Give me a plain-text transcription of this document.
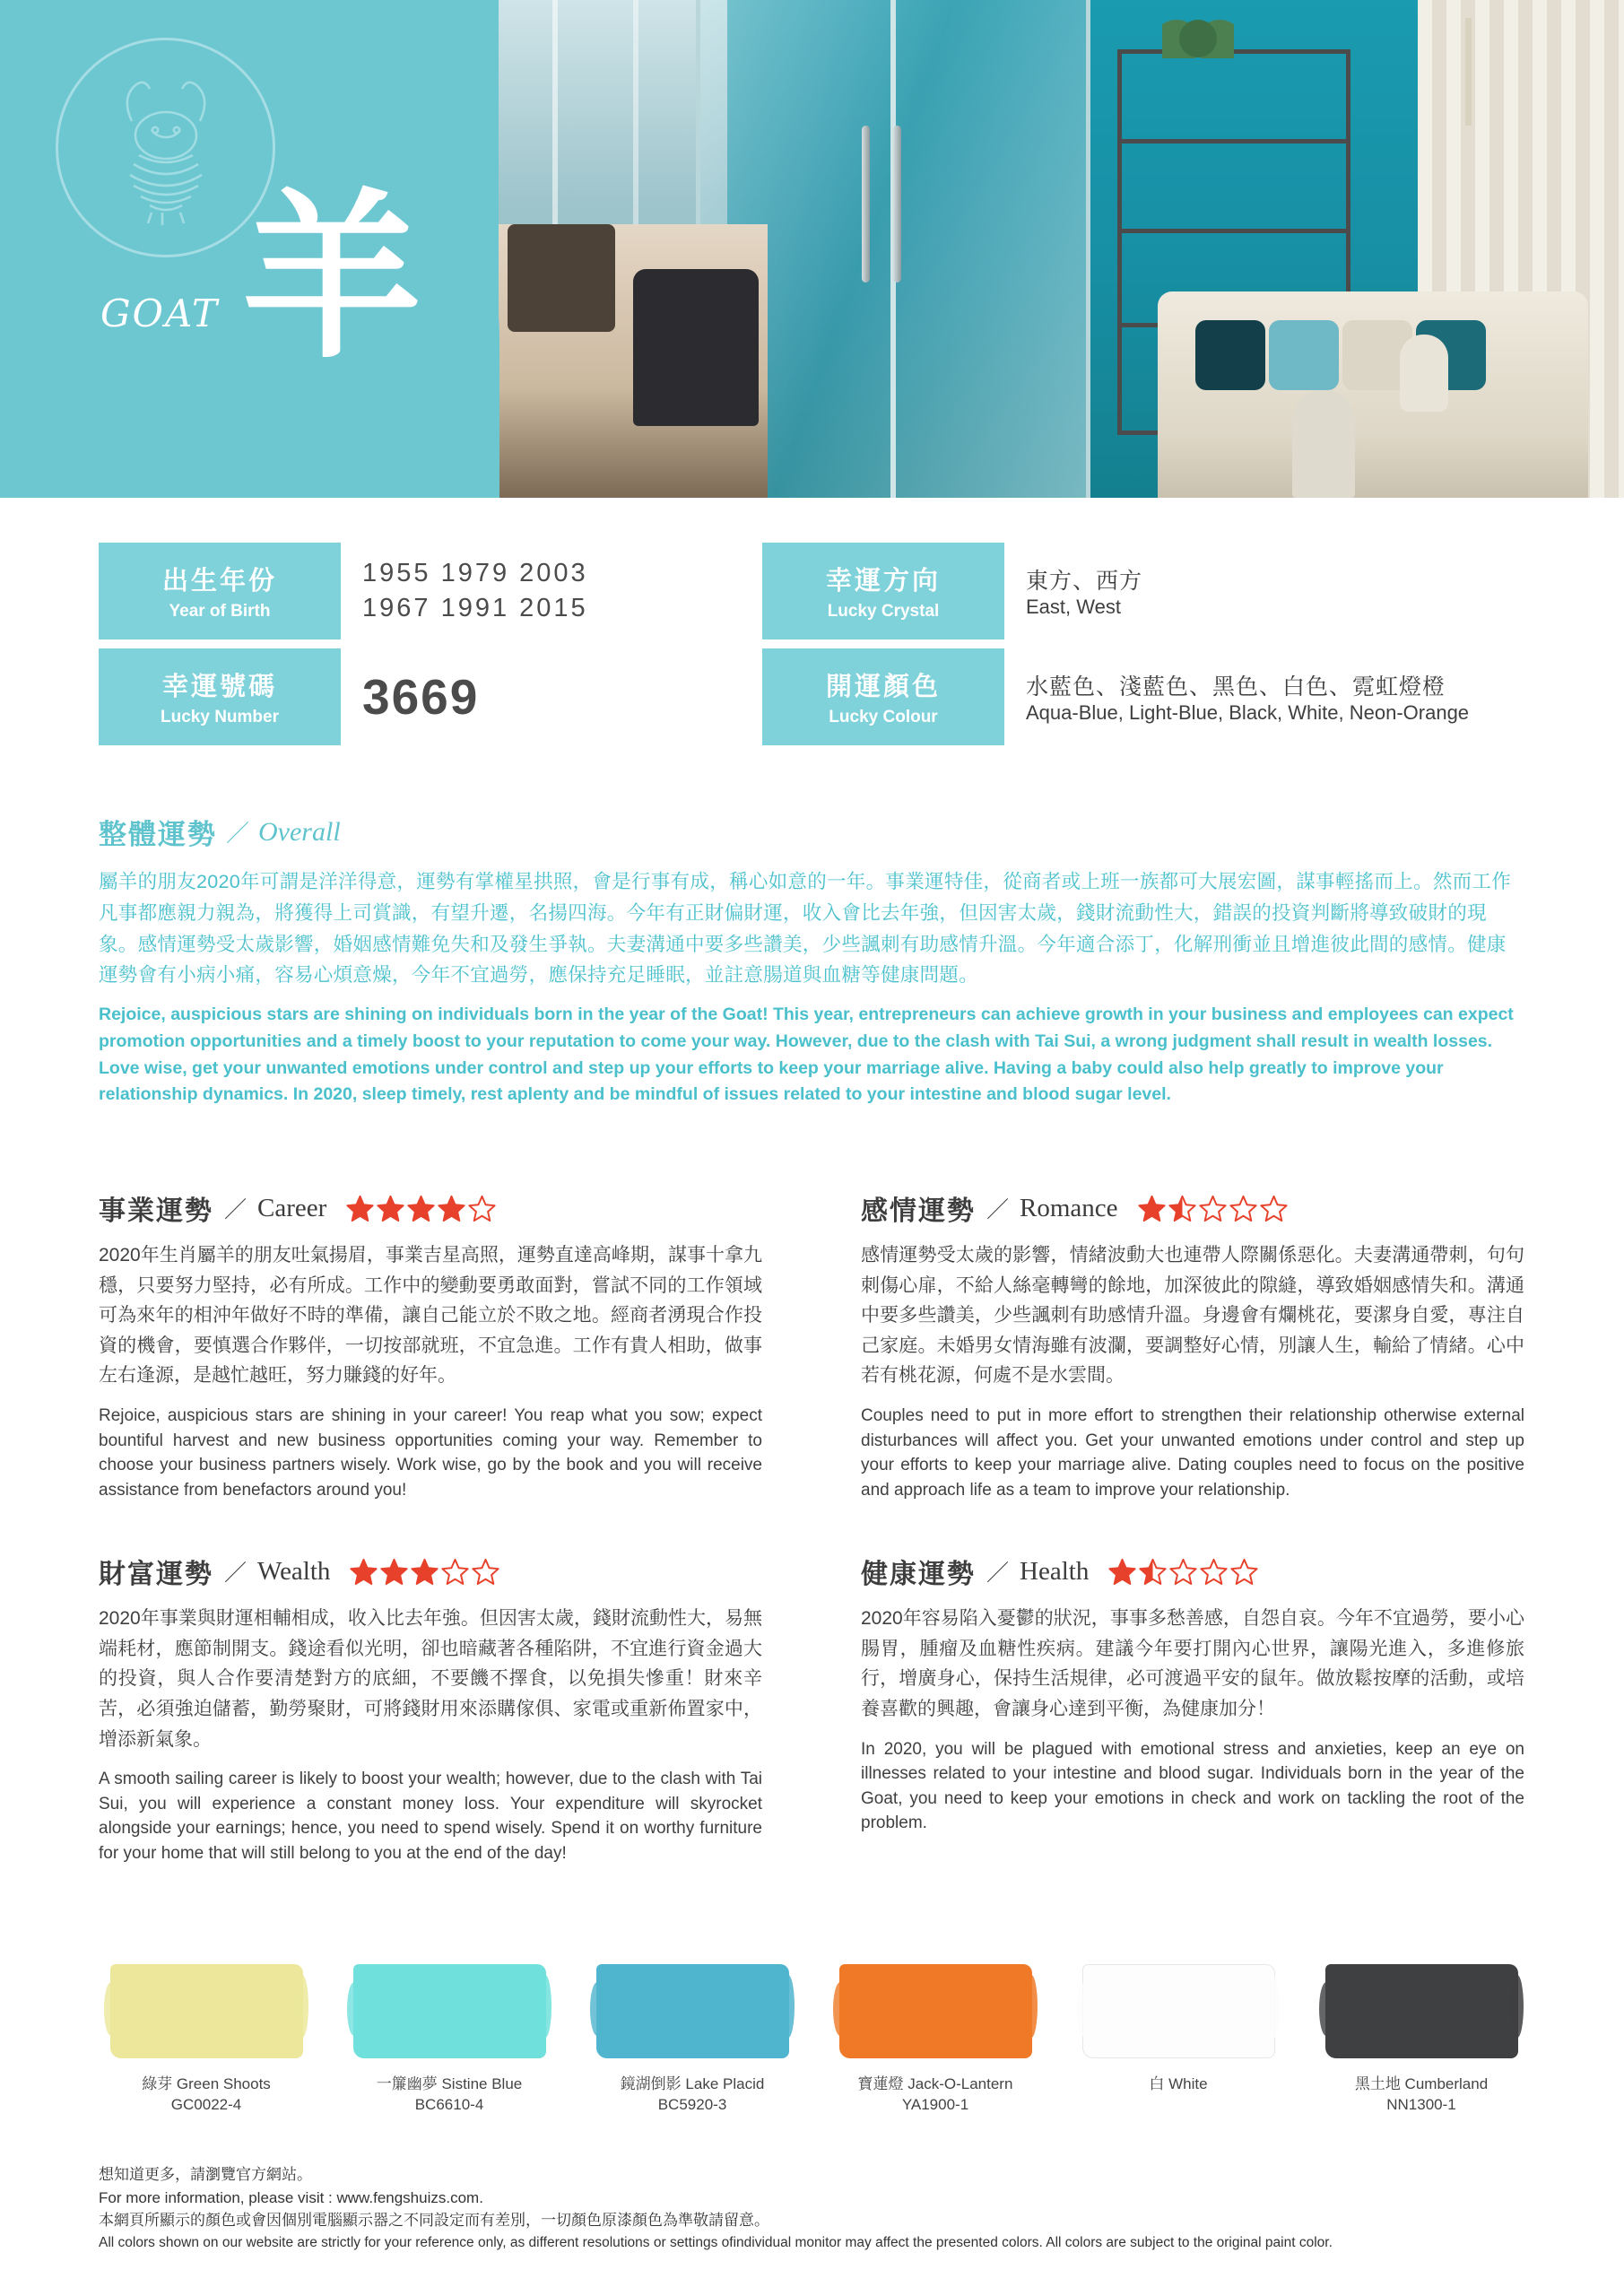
GOAT 羊
出生年份
Year of Birth
1955 1979 2003
1967 1991 2015
幸運方向
Lucky Crystal
東方、西方
East, West
幸運號碼
Lucky Number 3669	開運顏色
Lucky Colour
水藍色、淺藍色、黑色、白色、霓虹燈橙
Aqua-Blue, Light-Blue, Black, White, Neon-Orange
整體運勢 ／ Overall
屬羊的朋友2020年可謂是洋洋得意，運勢有掌權星拱照，會是行事有成，稱心如意的一年。事業運特佳，從商者或上班一族都可大展宏圖，謀事輕搖而上。然而工作凡事都應親力親為，將獲得上司賞識，有望升遷，名揚四海。今年有正財偏財運，收入會比去年強，但因害太歲，錢財流動性大，錯誤的投資判斷將導致破財的現象。感情運勢受太歲影響，婚姻感情難免失和及發生爭執。夫妻溝通中要多些讚美，少些諷刺有助感情升溫。今年適合添丁，化解刑衝並且增進彼此間的感情。健康運勢會有小病小痛，容易心煩意燥，今年不宜過勞，應保持充足睡眠，並註意腸道與血糖等健康問題。
Rejoice, auspicious stars are shining on individuals born in the year of the Goat! This year, entrepreneurs can achieve growth in your business and employees can expect promotion opportunities and a timely boost to your reputation to come your way. However, due to the clash with Tai Sui, a wrong judgment shall result in wealth losses. Love wise, get your unwanted emotions under control and step up your efforts to keep your marriage alive. Having a baby could also help greatly to improve your relationship dynamics. In 2020, sleep timely, rest aplenty and be mindful of issues related to your intestine and blood sugar level.
事業運勢 ／ Career
2020年生肖屬羊的朋友吐氣揚眉，事業吉星高照，運勢直達高峰期，謀事十拿九穩，只要努力堅持，必有所成。工作中的變動要勇敢面對，嘗試不同的工作領域可為來年的相沖年做好不時的準備，讓自己能立於不敗之地。經商者湧現合作投資的機會，要慎選合作夥伴，一切按部就班，不宜急進。工作有貴人相助，做事左右逢源，是越忙越旺，努力賺錢的好年。
Rejoice, auspicious stars are shining in your career! You reap what you sow; expect bountiful harvest and new business opportunities coming your way. Remember to choose your business partners wisely. Work wise, go by the book and you will receive assistance from benefactors around you!
感情運勢 ／ Romance
感情運勢受太歲的影響，情緒波動大也連帶人際關係惡化。夫妻溝通帶刺，句句刺傷心扉，不給人絲毫轉彎的餘地，加深彼此的隙縫，導致婚姻感情失和。溝通中要多些讚美，少些諷刺有助感情升溫。身邊會有爛桃花，要潔身自愛，專注自己家庭。未婚男女情海雖有波瀾，要調整好心情，別讓人生，輸給了情緒。心中若有桃花源，何處不是水雲間。
Couples need to put in more effort to strengthen their relationship otherwise external disturbances will affect you. Get your unwanted emotions under control and step up your efforts to keep your marriage alive. Dating couples need to focus on the positive and approach life as a team to improve your relationship.
財富運勢 ／ Wealth
2020年事業與財運相輔相成，收入比去年強。但因害太歲，錢財流動性大，易無端耗材，應節制開支。錢途看似光明，卻也暗藏著各種陷阱，不宜進行資金過大的投資，與人合作要清楚對方的底細，不要饑不擇食，以免損失慘重！財來辛苦，必須強迫儲蓄，勤勞聚財，可將錢財用來添購傢俱、家電或重新佈置家中，增添新氣象。
A smooth sailing career is likely to boost your wealth; however, due to the clash with Tai Sui, you will experience a constant money loss. Your expenditure will skyrocket alongside your earnings; hence, you need to spend wisely. Spend it on worthy furniture for your home that will still belong to you at the end of the day!
健康運勢 ／ Health
2020年容易陷入憂鬱的狀況，事事多愁善感，自怨自哀。今年不宜過勞，要小心腸胃，腫瘤及血糖性疾病。建議今年要打開內心世界，讓陽光進入，多進修旅行，增廣身心，保持生活規律，必可渡過平安的鼠年。做放鬆按摩的活動，或培養喜歡的興趣，會讓身心達到平衡，為健康加分！
In 2020, you will be plagued with emotional stress and anxieties, keep an eye on illnesses related to your intestine and blood sugar. Individuals born in the year of the Goat, you need to keep your emotions in check and work on tackling the root of the problem.
綠芽 Green Shoots
GC0022-4
一簾幽夢 Sistine Blue
BC6610-4
鏡湖倒影 Lake Placid
BC5920-3
寶蓮燈 Jack-O-Lantern
YA1900-1
白 White	黑土地 Cumberland
NN1300-1
想知道更多，請瀏覽官方網站。
For more information, please visit : www.fengshuizs.com.
本網頁所顯示的顏色或會因個別電腦顯示器之不同設定而有差別，一切顏色原漆顏色為準敬請留意。
All colors shown on our website are strictly for your reference only, as different resolutions or settings ofindividual monitor may affect the presented colors. All colors are subject to the original paint color.
